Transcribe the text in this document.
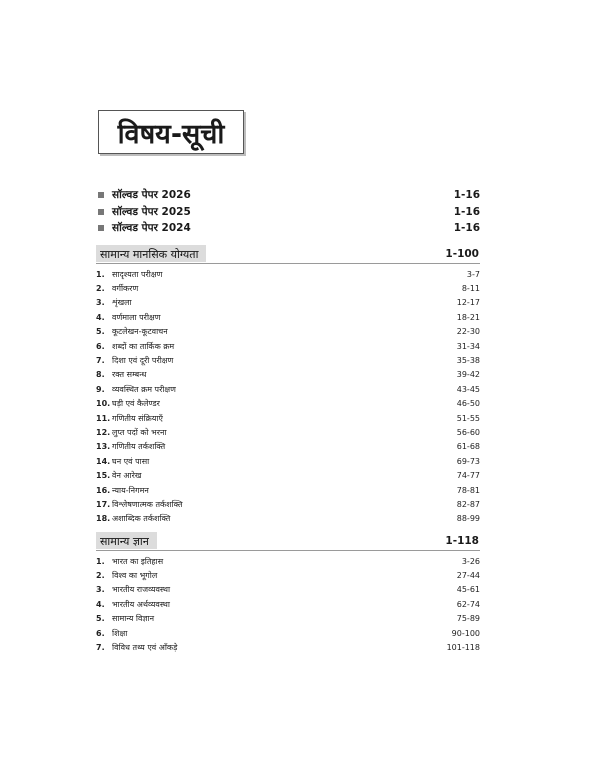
विषय-सूची
सॉल्वड पेपर 2026	1-16
सॉल्वड पेपर 2025	1-16
सॉल्वड पेपर 2024	1-16
सामान्य मानसिक योग्यता	1-100
1. सादृश्यता परीक्षण	3-7
2. वर्गीकरण	8-11
3. शृंखला	12-17
4. वर्णमाला परीक्षण	18-21
5. कूटलेखन-कूटवाचन	22-30
6. शब्दों का तार्किक क्रम	31-34
7. दिशा एवं दूरी परीक्षण	35-38
8. रक्त सम्बन्ध	39-42
9. व्यवस्थित क्रम परीक्षण	43-45
10. घड़ी एवं कैलेण्डर	46-50
11. गणितीय संक्रियाएँ	51-55
12. लुप्त पदों को भरना	56-60
13. गणितीय तर्कशक्ति	61-68
14. घन एवं पासा	69-73
15. वेन आरेख	74-77
16. न्याय-निगमन	78-81
17. विश्लेषणात्मक तर्कशक्ति	82-87
18. अशाब्दिक तर्कशक्ति	88-99
सामान्य ज्ञान	1-118
1. भारत का इतिहास	3-26
2. विश्व का भूगोल	27-44
3. भारतीय राजव्यवस्था	45-61
4. भारतीय अर्थव्यवस्था	62-74
5. सामान्य विज्ञान	75-89
6. शिक्षा	90-100
7. विविध तथ्य एवं आँकड़े	101-118
